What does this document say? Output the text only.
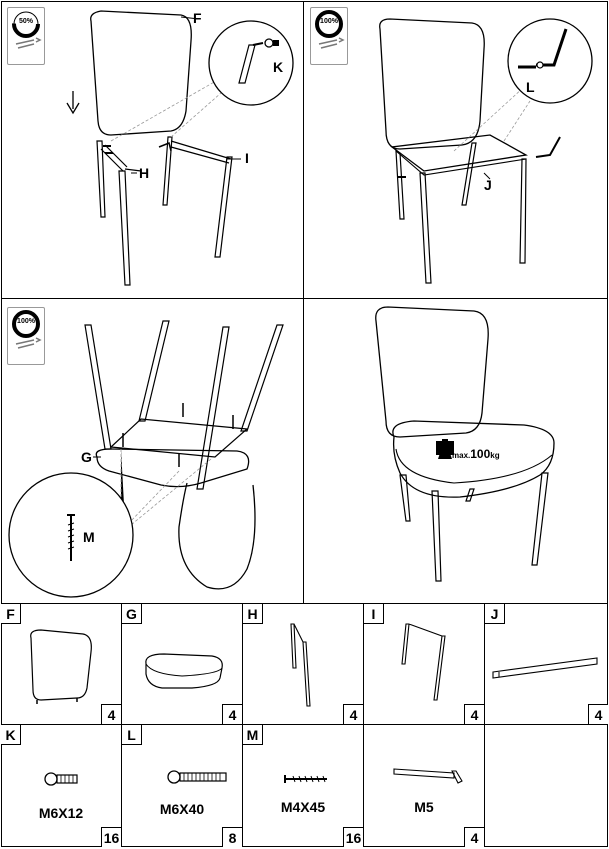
50%	F
K
H
I
100%
L
J
100%
G
M
max.100kg
F
4
G
4
H
4
I
4
J
4
K
M6X12
16
L
M6X40
8
M
M4X45
16
M5
4
